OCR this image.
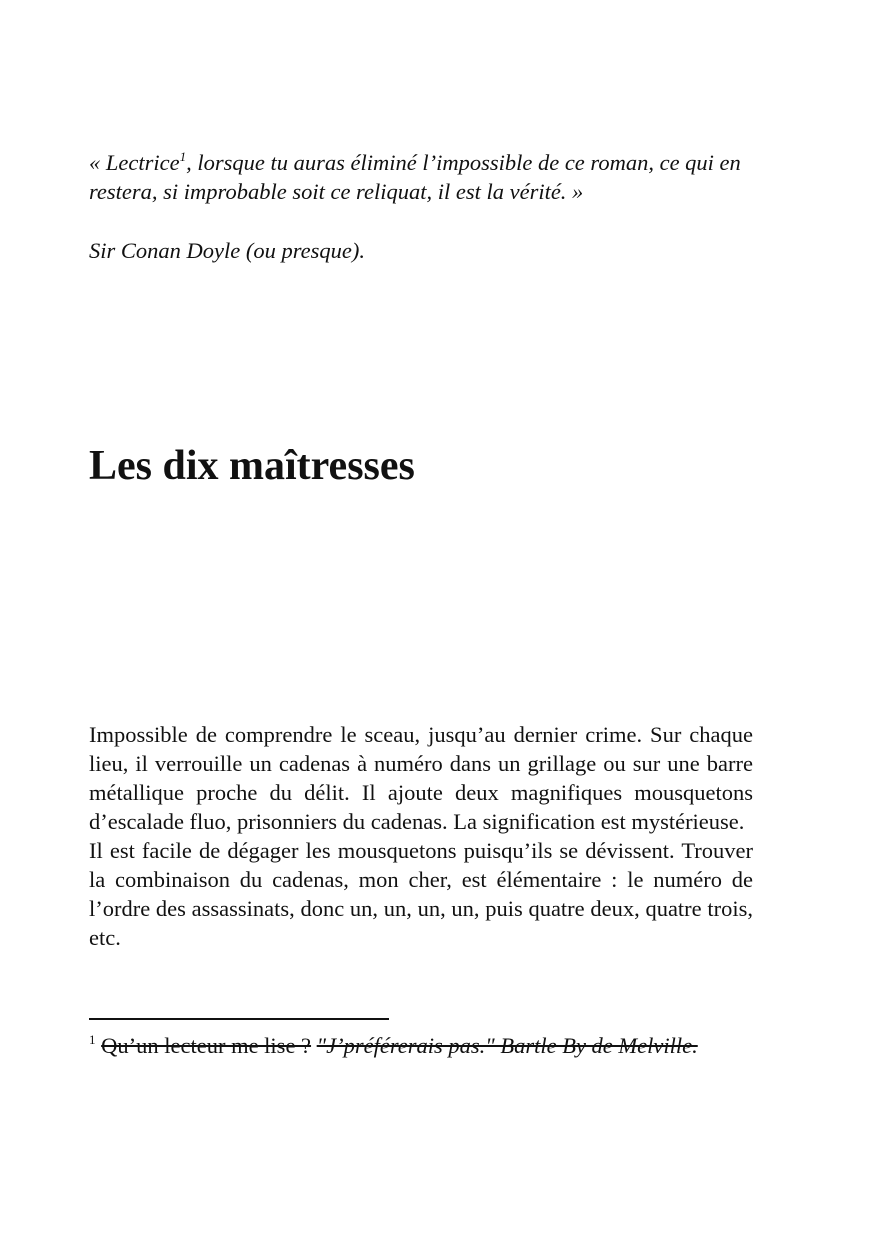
« Lectrice$^1$, lorsque tu auras éliminé l’impossible de ce roman, ce qui en restera, si improbable soit ce reliquat, il est la vérité. »
Sir Conan Doyle (ou presque).
Les dix maîtresses

Impossible de comprendre le sceau, jusqu’au dernier crime. Sur chaque lieu, il verrouille un cadenas à numéro dans un grillage ou sur une barre métallique proche du délit. Il ajoute deux magnifiques mousquetons d’escalade fluo, prisonniers du cadenas. La signification est mystérieuse.

Il est facile de dégager les mousquetons puisqu’ils se dévissent. Trouver la combinaison du cadenas, mon cher, est élémentaire : le numéro de l’ordre des assassinats, donc un, un, un, un, puis quatre deux, quatre trois, etc.

$^1$ Qu’un lecteur me lise ? "J’préférerais pas." Bartle By de Melville.
